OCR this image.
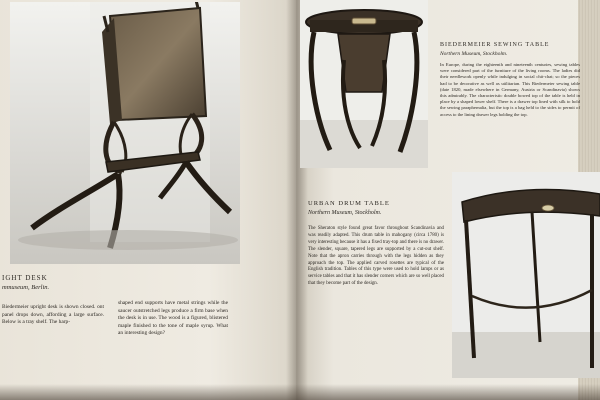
IGHT DESK
mmuseum, Berlin.
Biedermeier upright desk is shown closed. ont panel drops down, affording a large surface. Below is a tray shelf. The harp-
shaped end supports have metal strings while the saucer outstretched legs produce a firm base when the desk is in use. The wood is a figured, blistered maple finished to the tone of maple syrup. What an interesting design?
BIEDERMEIER SEWING TABLE
Northern Museum, Stockholm.
In Europe, during the eighteenth and nineteenth centuries, sewing tables were considered part of the furniture of the living rooms. The ladies did their needlework openly while indulging in social chit-chat; so the pieces had to be decorative as well as utilitarian. This Biedermeier sewing table (date 1820, made elsewhere in Germany, Austria or Scandinavia) shows this admirably. The characteristic double bowed top of the table is held in place by a shaped lower shelf. There is a drawer top lined with silk to hold the sewing paraphernalia, but the top is a bag held to the sides to permit of access to the lining drawer legs holding the top.
URBAN DRUM TABLE
Northern Museum, Stockholm.
The Sheraton style found great favor throughout Scandinavia and was readily adapted. This drum table in mahogany (circa 1780) is very interesting because it has a fixed tray-top and there is no drawer. The slender, square, tapered legs are supported by a cut-out shelf. Note that the apron carries through with the legs hidden as they approach the top. The applied carved rosettes are typical of the English tradition. Tables of this type were used to hold lamps or as service tables and that it has slender corners which are so well placed that they become part of the design.
